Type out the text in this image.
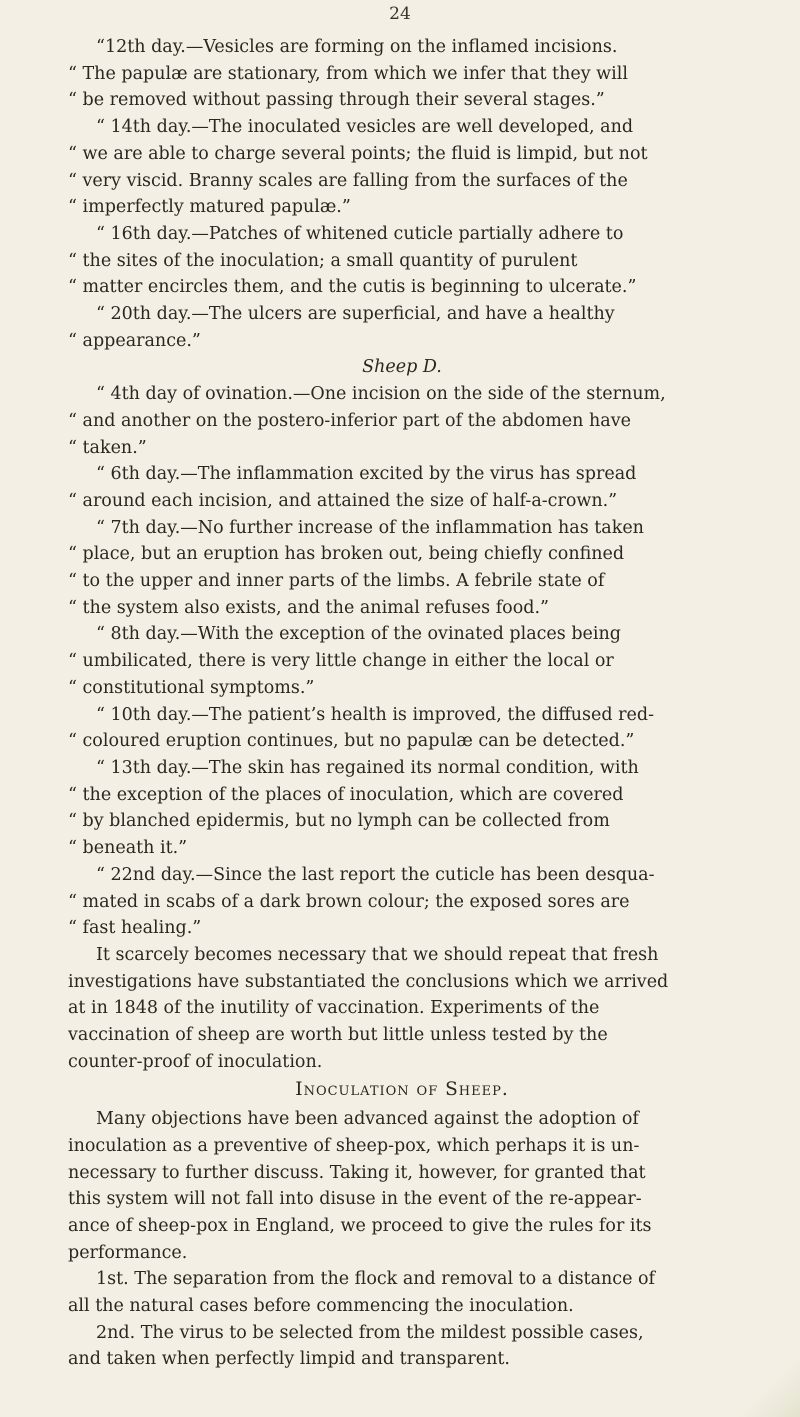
24
“12th day.—Vesicles are forming on the inflamed incisions.
“ The papulæ are stationary, from which we infer that they will
“ be removed without passing through their several stages.”
“ 14th day.—The inoculated vesicles are well developed, and
“ we are able to charge several points; the fluid is limpid, but not
“ very viscid. Branny scales are falling from the surfaces of the
“ imperfectly matured papulæ.”
“ 16th day.—Patches of whitened cuticle partially adhere to
“ the sites of the inoculation; a small quantity of purulent
“ matter encircles them, and the cutis is beginning to ulcerate.”
“ 20th day.—The ulcers are superficial, and have a healthy
“ appearance.”
Sheep D.
“ 4th day of ovination.—One incision on the side of the sternum,
“ and another on the postero-inferior part of the abdomen have
“ taken.”
“ 6th day.—The inflammation excited by the virus has spread
“ around each incision, and attained the size of half-a-crown.”
“ 7th day.—No further increase of the inflammation has taken
“ place, but an eruption has broken out, being chiefly confined
“ to the upper and inner parts of the limbs. A febrile state of
“ the system also exists, and the animal refuses food.”
“ 8th day.—With the exception of the ovinated places being
“ umbilicated, there is very little change in either the local or
“ constitutional symptoms.”
“ 10th day.—The patient’s health is improved, the diffused red-
“ coloured eruption continues, but no papulæ can be detected.”
“ 13th day.—The skin has regained its normal condition, with
“ the exception of the places of inoculation, which are covered
“ by blanched epidermis, but no lymph can be collected from
“ beneath it.”
“ 22nd day.—Since the last report the cuticle has been desqua-
“ mated in scabs of a dark brown colour; the exposed sores are
“ fast healing.”
It scarcely becomes necessary that we should repeat that fresh
investigations have substantiated the conclusions which we arrived
at in 1848 of the inutility of vaccination. Experiments of the
vaccination of sheep are worth but little unless tested by the
counter-proof of inoculation.
Inoculation of Sheep.
Many objections have been advanced against the adoption of
inoculation as a preventive of sheep-pox, which perhaps it is un-
necessary to further discuss. Taking it, however, for granted that
this system will not fall into disuse in the event of the re-appear-
ance of sheep-pox in England, we proceed to give the rules for its
performance.
1st. The separation from the flock and removal to a distance of
all the natural cases before commencing the inoculation.
2nd. The virus to be selected from the mildest possible cases,
and taken when perfectly limpid and transparent.
